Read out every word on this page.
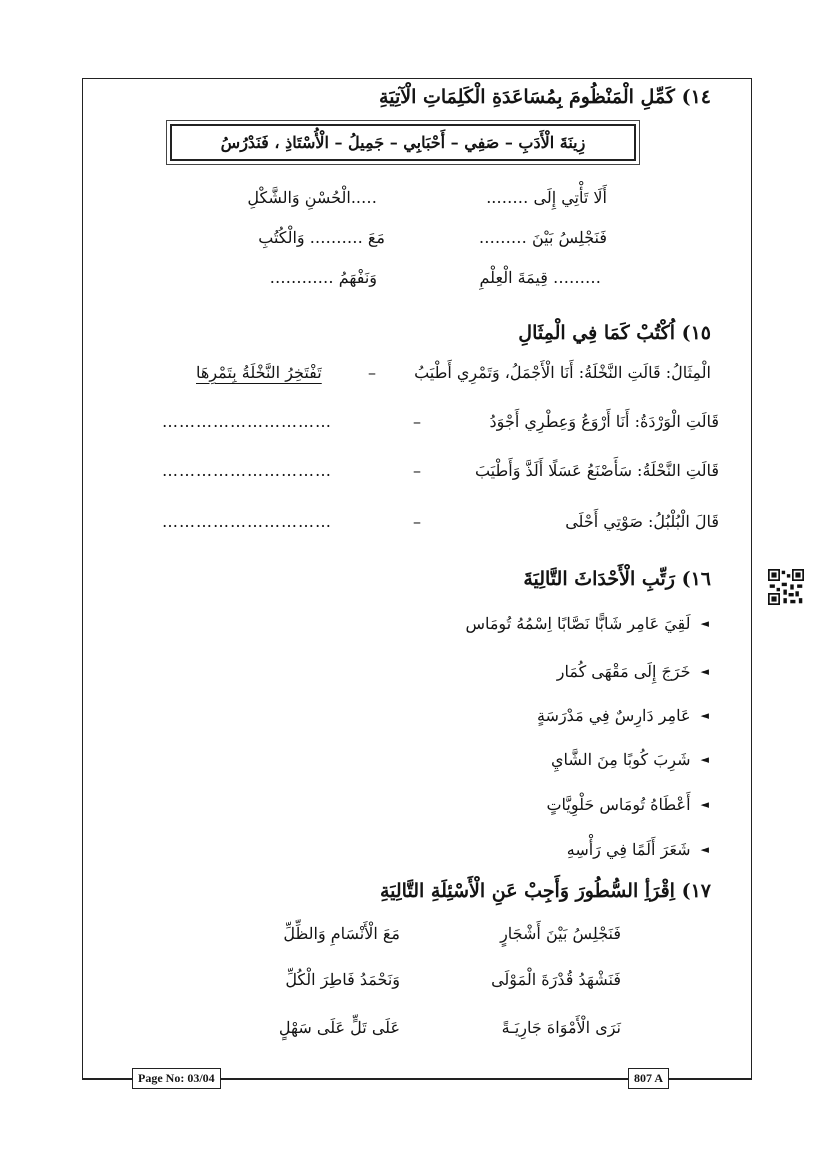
١٤) كَمِّلِ الْمَنْظُومَ بِمُسَاعَدَةِ الْكَلِمَاتِ الْآتِيَةِ
زِينَةَ الْأَدَبِ – صَفِي – أَحْبَابِي – جَمِيلُ – الْأُسْتَاذِ ، فَنَدْرُسُ
أَلَا تَأْتِي إِلَى ……..
…..الْحُسْنِ وَالشَّكْلِ
فَنَجْلِسُ بَيْنَ ………
مَعَ ………. وَالْكُتُبِ
……… قِيمَةَ الْعِلْمِ
وَنَفْهَمُ …………
١٥) اُكْتُبْ كَمَا فِي الْمِثَالِ
الْمِثَالُ: قَالَتِ النَّخْلَةُ: أَنَا الْأَجْمَلُ، وَتَمْرِي أَطْيَبُ
–
تَفْتَخِرُ النَّخْلَةُ بِتَمْرِهَا
قَالَتِ الْوَرْدَةُ: أَنَا أَرْوَعُ وَعِطْرِي أَجْوَدُ
–
…………………………
قَالَتِ النَّحْلَةُ: سَأَصْنَعُ عَسَلًا أَلَذَّ وَأَطْيَبَ
–
…………………………
قَالَ الْبُلْبُلُ: صَوْتِي أَحْلَى
–
…………………………
١٦) رَتِّبِ الْأَحْدَاثَ التَّالِيَةَ
◄
لَقِيَ عَامِر شَابًّا نَصَّابًا اِسْمُهُ تُومَاس
◄
خَرَجَ إِلَى مَقْهَى كُمَار
◄
عَامِر دَارِسٌ فِي مَدْرَسَةٍ
◄
شَرِبَ كُوبًا مِنَ الشَّايِ
◄
أَعْطَاهُ تُومَاس حَلْوِيَّاتٍ
◄
شَعَرَ أَلَمًا فِي رَأْسِهِ
١٧) اِقْرَأِ السُّطُورَ وَأَجِبْ عَنِ الْأَسْئِلَةِ التَّالِيَةِ
فَنَجْلِسُ بَيْنَ أَشْجَارٍ
مَعَ الْأَنْسَامِ وَالظِّلِّ
فَنَشْهَدُ قُدْرَةَ الْمَوْلَى
وَنَحْمَدُ فَاطِرَ الْكُلِّ
نَرَى الْأَمْوَاهَ جَارِيَـةً
عَلَى تَلٍّ عَلَى سَهْلٍ
Page No: 03/04	807 A
